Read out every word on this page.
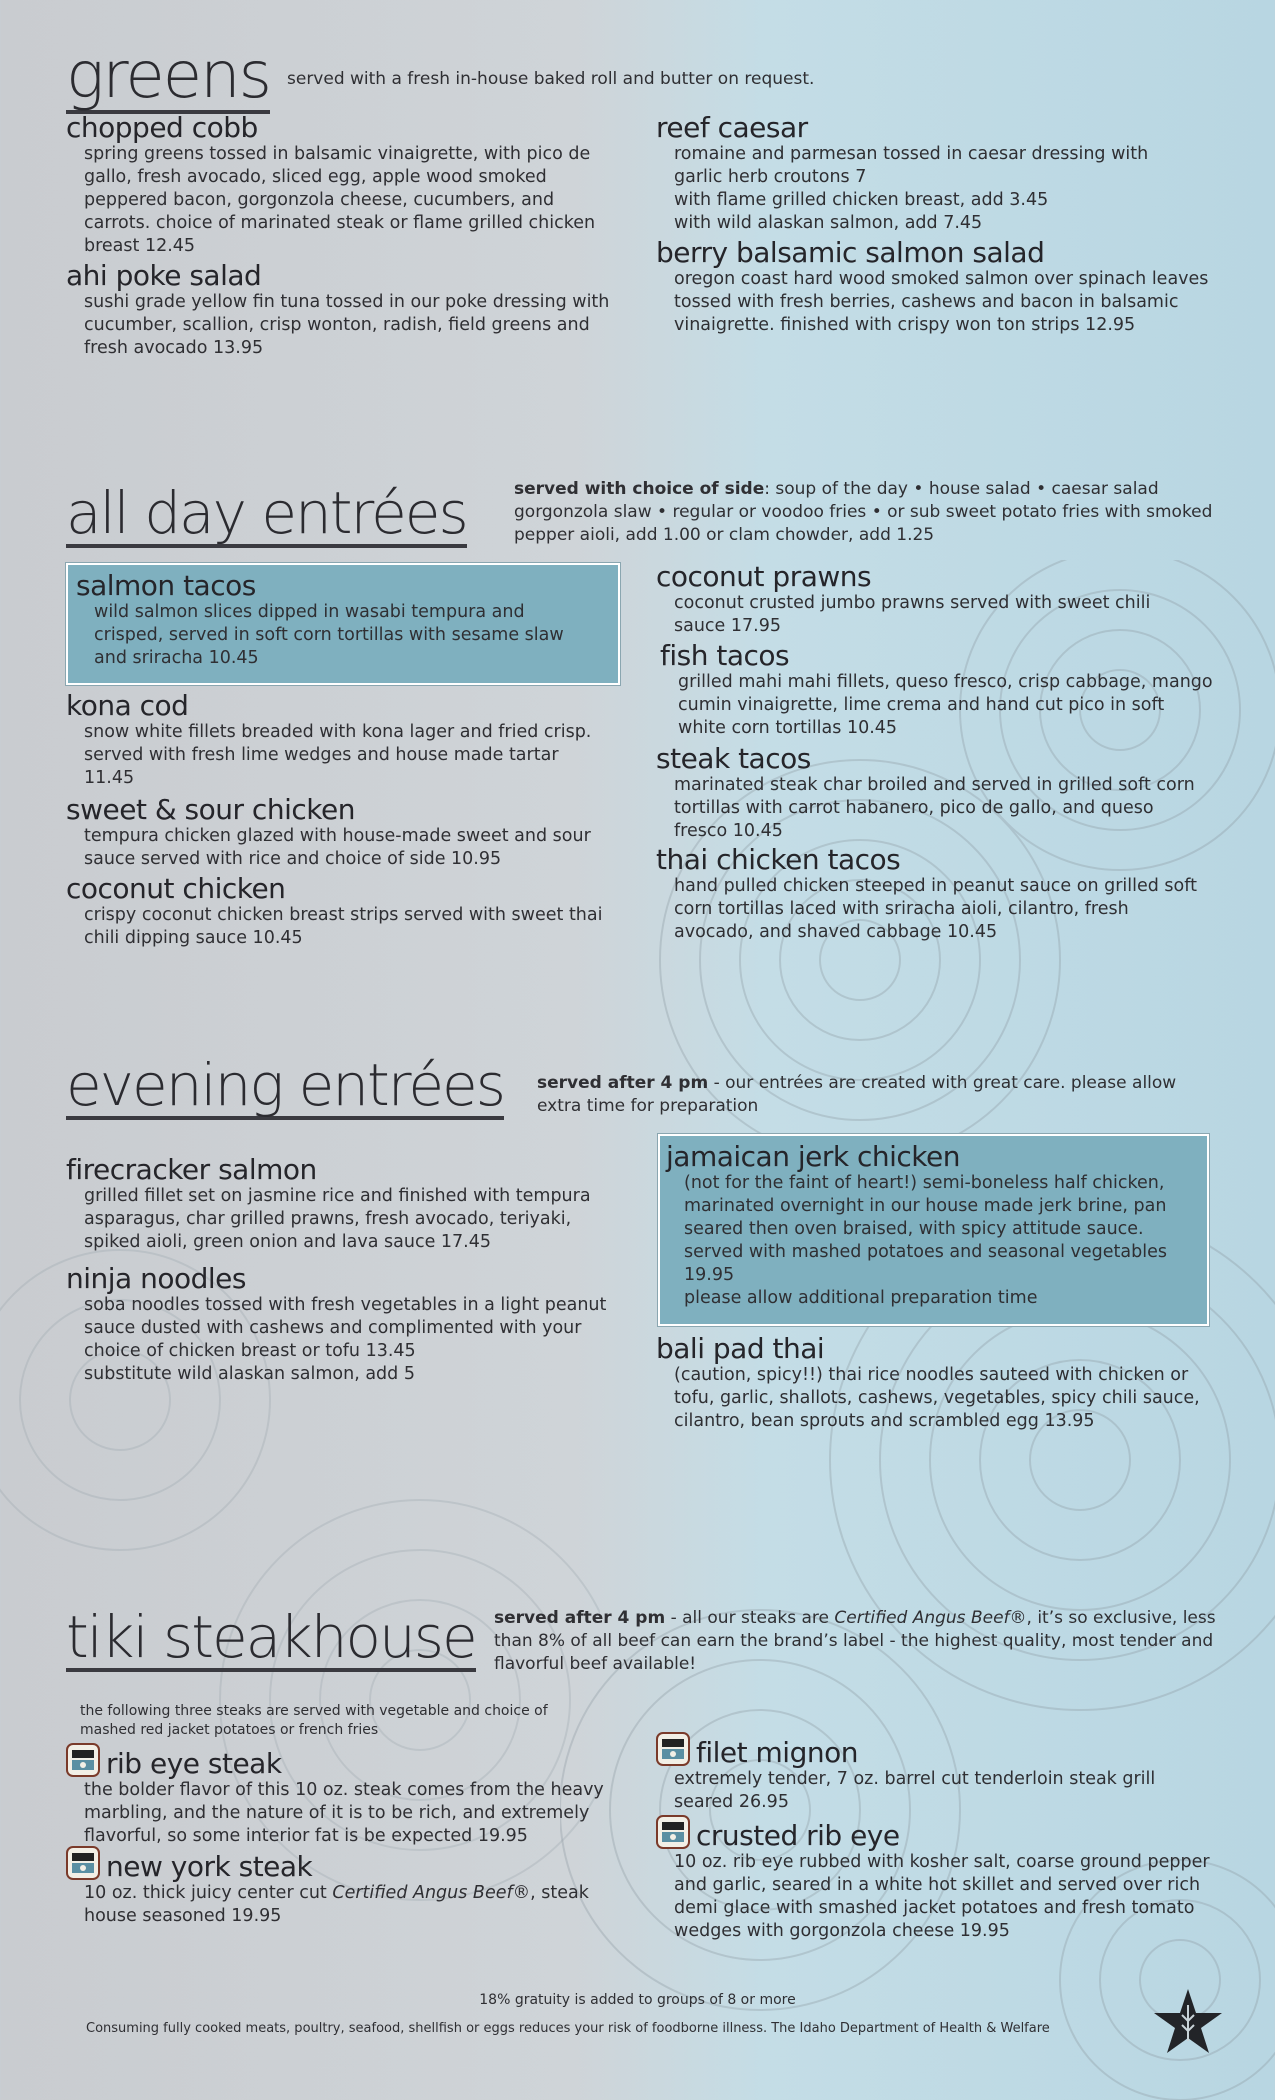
greens served with a fresh in-house baked roll and butter on request.
chopped cobb

spring greens tossed in balsamic vinaigrette, with pico de gallo, fresh avocado, sliced egg, apple wood smoked peppered bacon, gorgonzola cheese, cucumbers, and carrots. choice of marinated steak or flame grilled chicken breast 12.45

ahi poke salad

sushi grade yellow fin tuna tossed in our poke dressing with cucumber, scallion, crisp wonton, radish, field greens and fresh avocado 13.95

reef caesar

romaine and parmesan tossed in caesar dressing with garlic herb croutons 7

with flame grilled chicken breast, add 3.45

with wild alaskan salmon, add 7.45

berry balsamic salmon salad

oregon coast hard wood smoked salmon over spinach leaves tossed with fresh berries, cashews and bacon in balsamic vinaigrette. finished with crispy won ton strips 12.95

all day entrées	served with choice of side: soup of the day • house salad • caesar salad gorgonzola slaw • regular or voodoo fries • or sub sweet potato fries with smoked pepper aioli, add 1.00 or clam chowder, add 1.25
salmon tacos

wild salmon slices dipped in wasabi tempura and crisped, served in soft corn tortillas with sesame slaw and sriracha 10.45

kona cod

snow white fillets breaded with kona lager and fried crisp. served with fresh lime wedges and house made tartar 11.45

sweet & sour chicken

tempura chicken glazed with house-made sweet and sour sauce served with rice and choice of side 10.95

coconut chicken

crispy coconut chicken breast strips served with sweet thai chili dipping sauce 10.45

coconut prawns

coconut crusted jumbo prawns served with sweet chili sauce 17.95

fish tacos

grilled mahi mahi fillets, queso fresco, crisp cabbage, mango cumin vinaigrette, lime crema and hand cut pico in soft white corn tortillas 10.45

steak tacos

marinated steak char broiled and served in grilled soft corn tortillas with carrot habanero, pico de gallo, and queso fresco 10.45

thai chicken tacos

hand pulled chicken steeped in peanut sauce on grilled soft corn tortillas laced with sriracha aioli, cilantro, fresh avocado, and shaved cabbage 10.45

evening entrées served after 4 pm - our entrées are created with great care. please allow extra time for preparation
firecracker salmon

grilled fillet set on jasmine rice and finished with tempura asparagus, char grilled prawns, fresh avocado, teriyaki, spiked aioli, green onion and lava sauce 17.45

ninja noodles

soba noodles tossed with fresh vegetables in a light peanut sauce dusted with cashews and complimented with your choice of chicken breast or tofu 13.45

substitute wild alaskan salmon, add 5

jamaican jerk chicken

(not for the faint of heart!) semi-boneless half chicken, marinated overnight in our house made jerk brine, pan seared then oven braised, with spicy attitude sauce. served with mashed potatoes and seasonal vegetables 19.95

please allow additional preparation time

bali pad thai

(caution, spicy!!) thai rice noodles sauteed with chicken or tofu, garlic, shallots, cashews, vegetables, spicy chili sauce, cilantro, bean sprouts and scrambled egg 13.95

tiki steakhouse served after 4 pm - all our steaks are Certified Angus Beef®, it’s so exclusive, less than 8% of all beef can earn the brand’s label - the highest quality, most tender and flavorful beef available!
the following three steaks are served with vegetable and choice of mashed red jacket potatoes or french fries
rib eye steak

the bolder flavor of this 10 oz. steak comes from the heavy marbling, and the nature of it is to be rich, and extremely flavorful, so some interior fat is be expected 19.95

new york steak

10 oz. thick juicy center cut Certified Angus Beef®, steak house seasoned 19.95

filet mignon

extremely tender, 7 oz. barrel cut tenderloin steak grill seared 26.95

crusted rib eye

10 oz. rib eye rubbed with kosher salt, coarse ground pepper and garlic, seared in a white hot skillet and served over rich demi glace with smashed jacket potatoes and fresh tomato wedges with gorgonzola cheese 19.95

18% gratuity is added to groups of 8 or more
Consuming fully cooked meats, poultry, seafood, shellfish or eggs reduces your risk of foodborne illness. The Idaho Department of Health & Welfare
